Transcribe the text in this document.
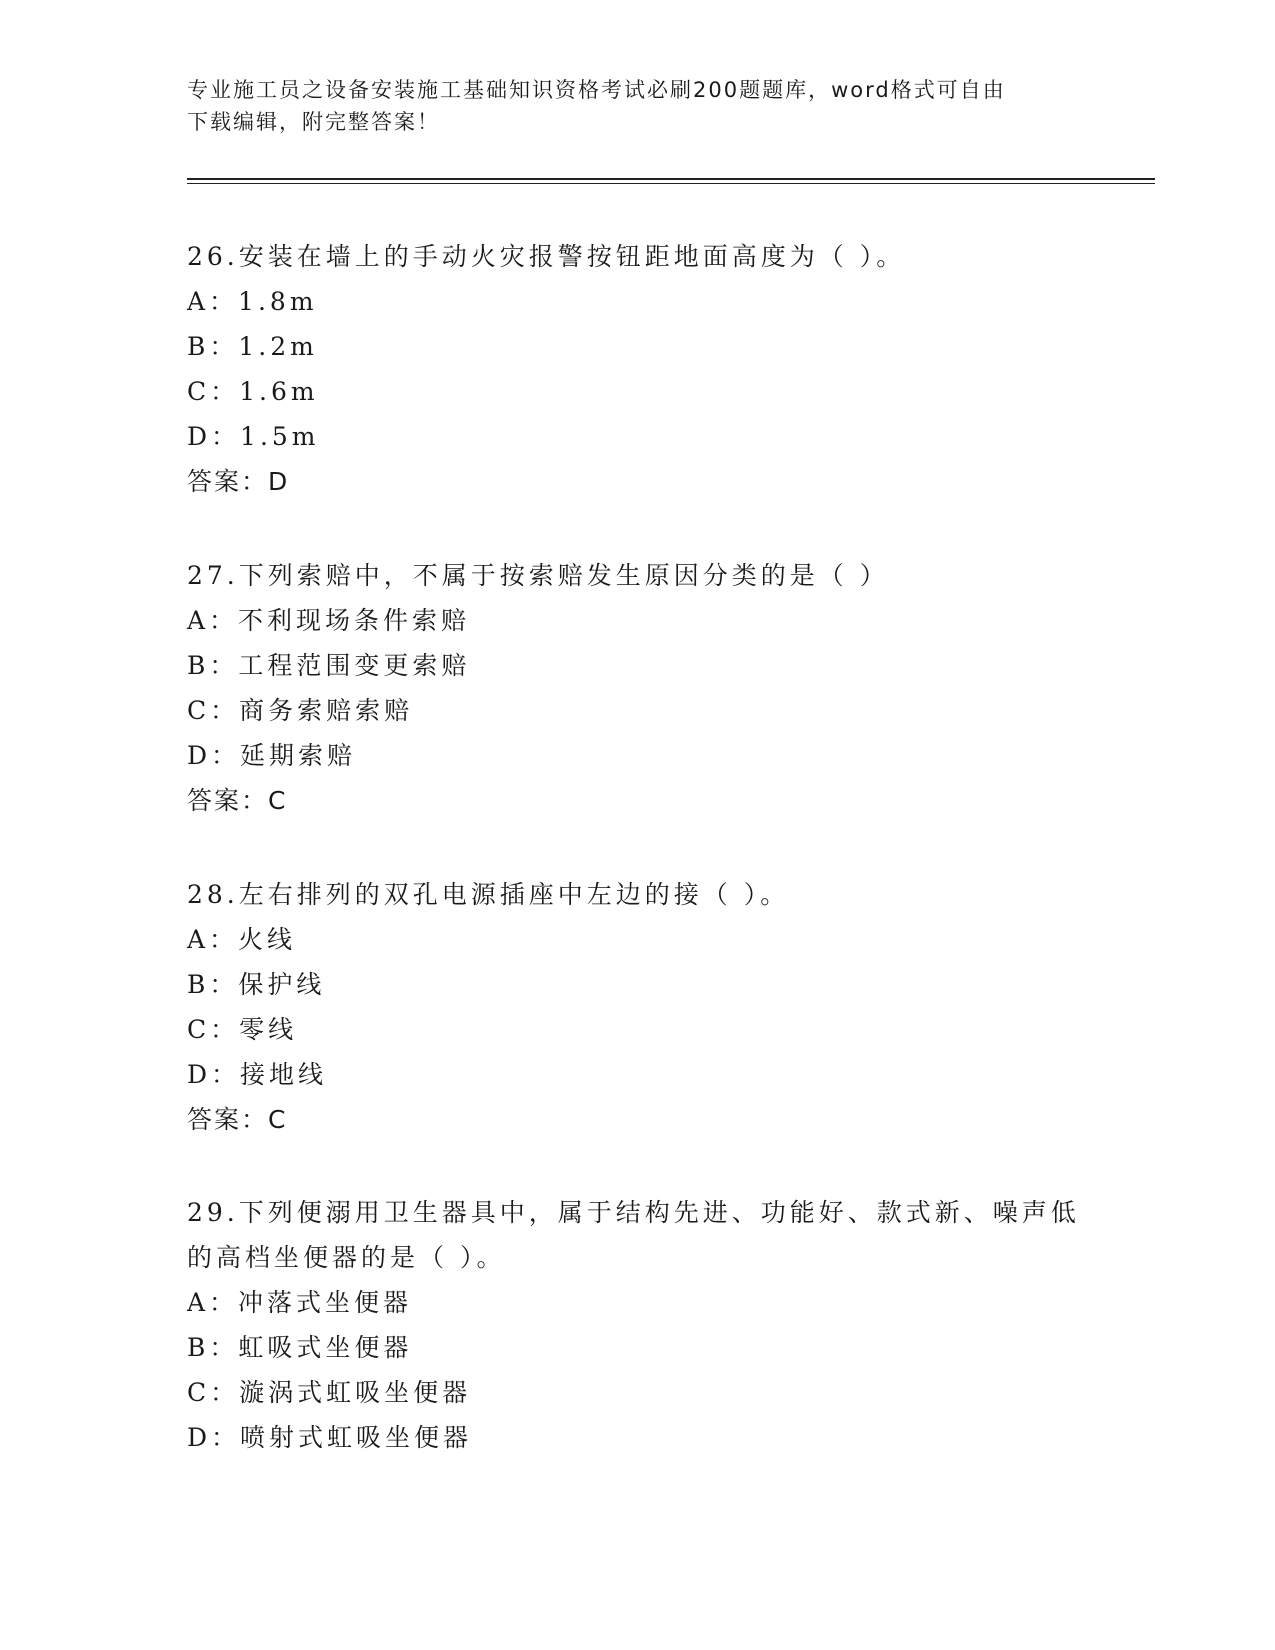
专业施工员之设备安装施工基础知识资格考试必刷200题题库，word格式可自由
下载编辑，附完整答案！
26.安装在墙上的手动火灾报警按钮距地面高度为（ ）。
A：1.8m
B：1.2m
C：1.6m
D：1.5m
答案：D
27.下列索赔中，不属于按索赔发生原因分类的是（ ）
A：不利现场条件索赔
B：工程范围变更索赔
C：商务索赔索赔
D：延期索赔
答案：C
28.左右排列的双孔电源插座中左边的接（ ）。
A：火线
B：保护线
C：零线
D：接地线
答案：C
29.下列便溺用卫生器具中，属于结构先进、功能好、款式新、噪声低
的高档坐便器的是（ ）。
A：冲落式坐便器
B：虹吸式坐便器
C：漩涡式虹吸坐便器
D：喷射式虹吸坐便器
